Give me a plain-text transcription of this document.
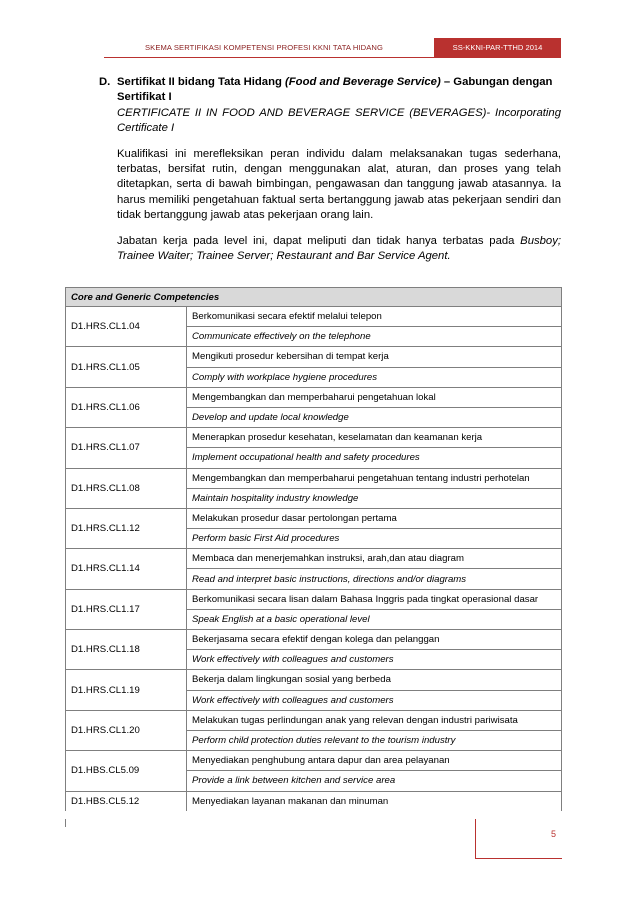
SKEMA SERTIFIKASI KOMPETENSI PROFESI KKNI TATA HIDANG	SS-KKNI-PAR-TTHD 2014
D. Sertifikat II bidang Tata Hidang (Food and Beverage Service) – Gabungan dengan Sertifikat I
CERTIFICATE II IN FOOD AND BEVERAGE SERVICE (BEVERAGES)- Incorporating Certificate I
Kualifikasi ini merefleksikan peran individu dalam melaksanakan tugas sederhana, terbatas, bersifat rutin, dengan menggunakan alat, aturan, dan proses yang telah ditetapkan, serta di bawah bimbingan, pengawasan dan tanggung jawab atasannya. Ia harus memiliki pengetahuan faktual serta bertanggung jawab atas pekerjaan sendiri dan tidak bertanggung jawab atas pekerjaan orang lain.
Jabatan kerja pada level ini, dapat meliputi dan tidak hanya terbatas pada Busboy; Trainee Waiter; Trainee Server; Restaurant and Bar Service Agent.
Core and Generic Competencies	
D1.HRS.CL1.04	Berkomunikasi secara efektif melalui telepon
	Communicate effectively on the telephone
D1.HRS.CL1.05	Mengikuti prosedur kebersihan di tempat kerja
	Comply with workplace hygiene procedures
D1.HRS.CL1.06	Mengembangkan dan memperbaharui pengetahuan lokal
	Develop and update local knowledge
D1.HRS.CL1.07	Menerapkan prosedur kesehatan, keselamatan dan keamanan kerja
	Implement occupational health and safety procedures
D1.HRS.CL1.08	Mengembangkan dan memperbaharui pengetahuan tentang industri perhotelan
	Maintain hospitality industry knowledge
D1.HRS.CL1.12	Melakukan prosedur dasar pertolongan pertama
	Perform basic First Aid procedures
D1.HRS.CL1.14	Membaca dan menerjemahkan instruksi, arah,dan atau diagram
	Read and interpret basic instructions, directions and/or diagrams
D1.HRS.CL1.17	Berkomunikasi secara lisan dalam Bahasa Inggris pada tingkat operasional dasar
	Speak English at a basic operational level
D1.HRS.CL1.18	Bekerjasama secara efektif dengan kolega dan pelanggan
	Work effectively with colleagues and customers
D1.HRS.CL1.19	Bekerja dalam lingkungan sosial yang berbeda
	Work effectively with colleagues and customers
D1.HRS.CL1.20	Melakukan tugas perlindungan anak yang relevan dengan industri pariwisata
	Perform child protection duties relevant to the tourism industry
D1.HBS.CL5.09	Menyediakan penghubung antara dapur dan area pelayanan
	Provide a link between kitchen and service area
D1.HBS.CL5.12	Menyediakan layanan makanan dan minuman
5
